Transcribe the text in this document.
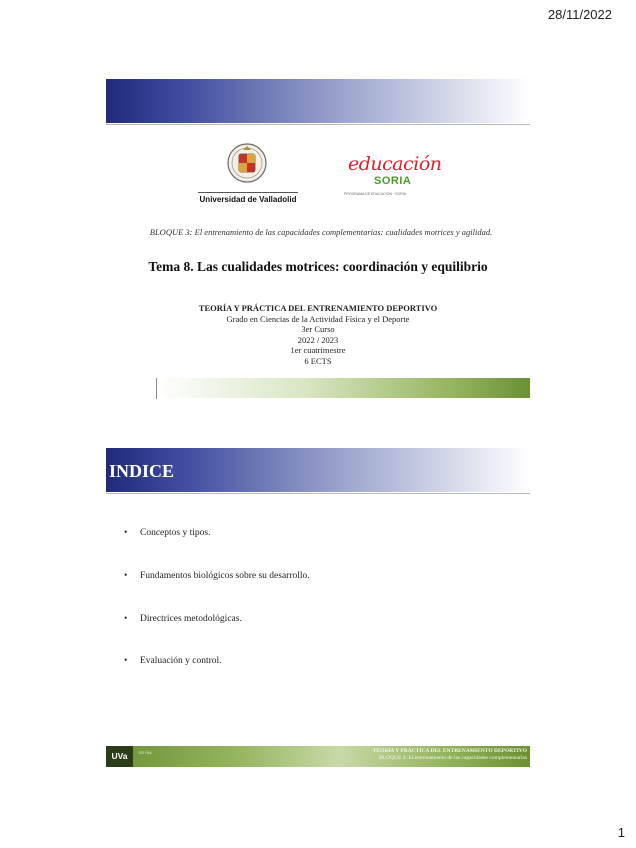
28/11/2022
Universidad de Valladolid
educación
SORIA
PROGRAMA DE EDUCACIÓN · SORIA
BLOQUE 3: El entrenamiento de las capacidades complementarias: cualidades motrices y agilidad.
Tema 8. Las cualidades motrices: coordinación y equilibrio
TEORÍA Y PRÁCTICA DEL ENTRENAMIENTO DEPORTIVO
Grado en Ciencias de la Actividad Física y el Deporte
3er Curso
2022 / 2023
1er cuatrimestre
6 ECTS
INDICE
• Conceptos y tipos.
• Fundamentos biológicos sobre su desarrollo.
• Directrices metodológicas.
• Evaluación y control.
UVa	SO RIA	TEORÍA Y PRÁCTICA DEL ENTRENAMIENTO DEPORTIVO
BLOQUE 3: El entrenamiento de las capacidades complementarias
1
